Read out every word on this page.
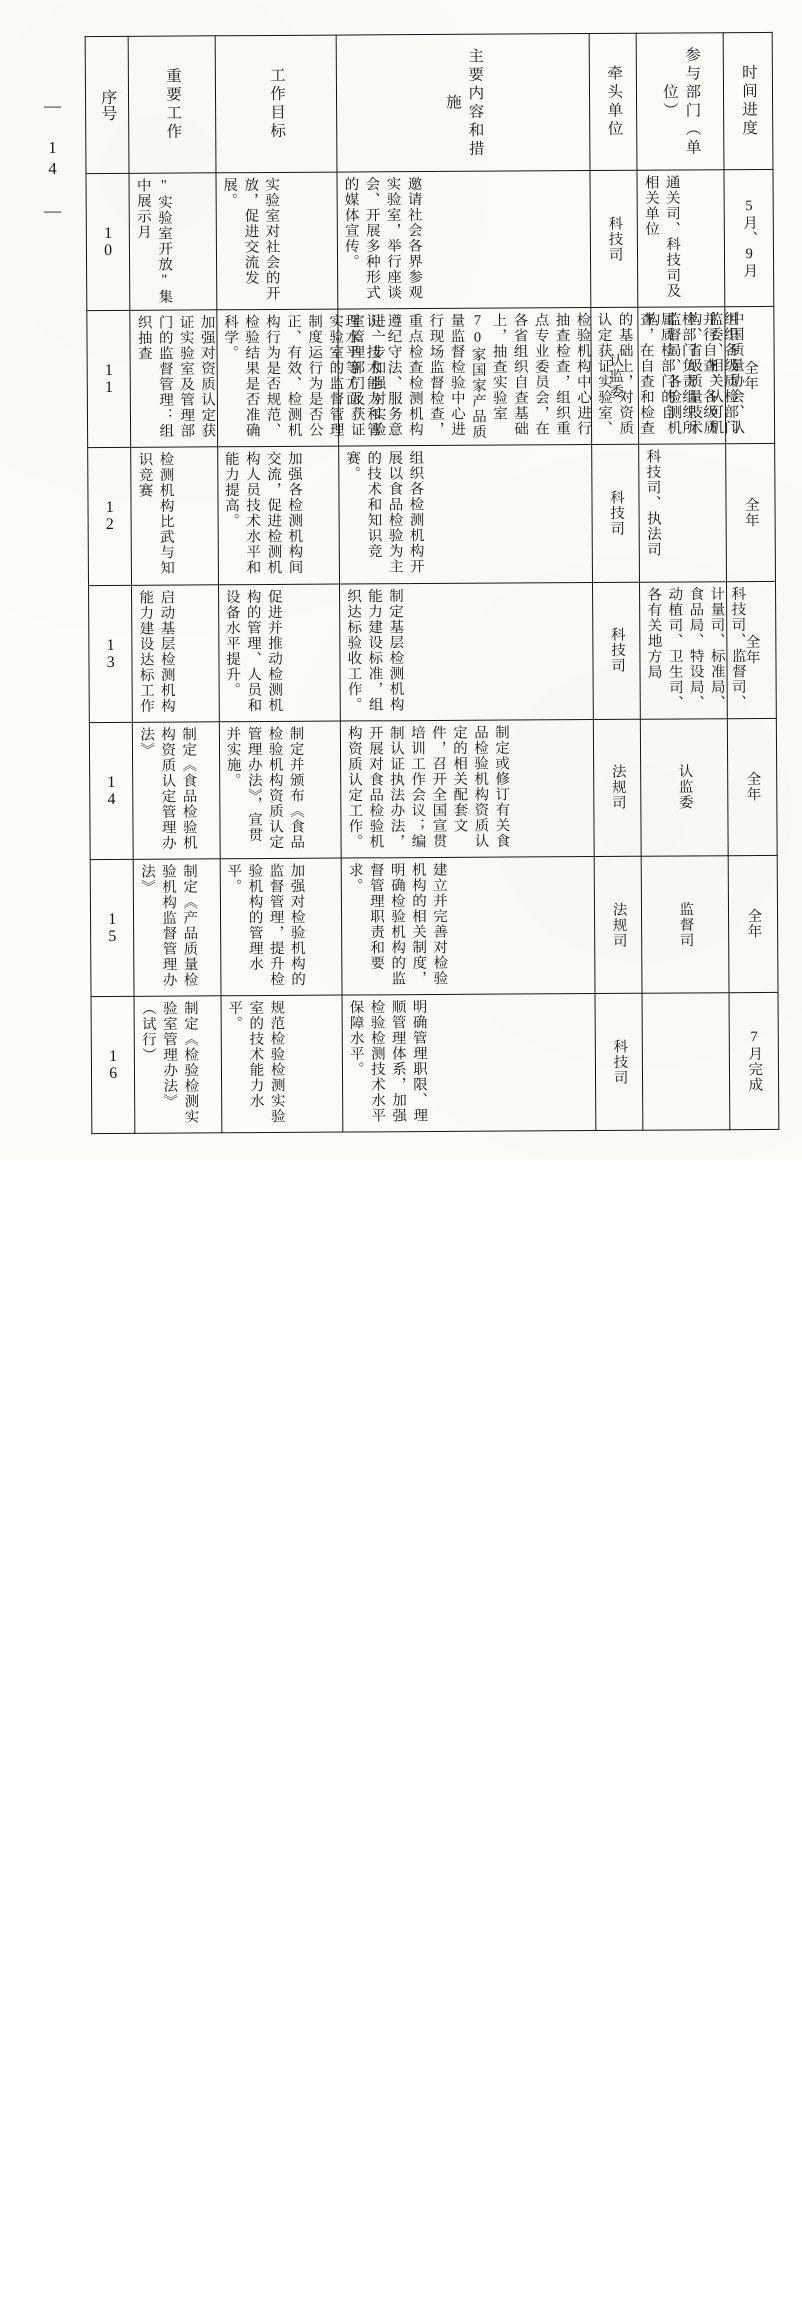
— 14 — 序号	重要工作	工作目标	主要内容和措施	牵头单位	参与部门（单位）	时间进度

10	"实验室开放"集中展示月	实验室对社会的开放，促进交流发展。	邀请社会各界参观实验室，举行座谈会、开展多种形式的媒体宣传。	科技司	通关司、科技司及相关单位	5月、9月

11	加强对资质认定获证实验室及管理部门的监督管理：组织抽查	进一步加强对实验室管理部门及获证实验室的监督管理制度运行为是否公正、有效、检测机构行为是否规范、检验结果是否准确科学。	组织各级质检部门并行自查、各级质检部门负责组织所属质检部门的自查，在自查和检查的基础上，对资质认定获证实验室、检验机构中心进行抽查检查，组织重点专业委员会，在各省组织自查基础上，抽查实验室70家国家产品质量监督检验中心进行现场监督检查，重点检查检测机构遵纪守法、服务意识、技术能力和管理水平等方面。	认监委	中国质量协会、认监委、相关认可机构、省级质量技术监督局、各检测机构	全年

12	检测机构比武与知识竞赛	加强各检测机构间交流，促进检测机构人员技术水平和能力提高。	组织各检测机构开展以食品检验为主的技术和知识竞赛。	科技司	科技司、执法司	全年

13	启动基层检测机构能力建设达标工作	促进并推动检测机构的管理、人员和设备水平提升。	制定基层检测机构能力建设标准，组织达标验收工作。	科技司	科技司、监督司、计量司、标准局、食品局、特设局、动植司、卫生司、各有关地方局	全年

14	制定《食品检验机构资质认定管理办法》	制定并颁布《食品检验机构资质认定管理办法》，宣贯并实施。	制定或修订有关食品检验机构资质认定的相关配套文件，召开全国宣贯培训工作会议；编制认证执法办法，开展对食品检验机构资质认定工作。	法规司	认监委	全年

15	制定《产品质量检验机构监督管理办法》	加强对检验机构的监督管理，提升检验机构的管理水平。	建立并完善对检验机构的相关制度，明确检验机构的监督管理职责和要求。	法规司	监督司	全年

16	制定《检验检测实验室管理办法》（试行）	规范检验检测实验室的技术能力水平。	明确管理职限、理顺管理体系，加强检验检测技术水平保障水平。	科技司		7月完成
